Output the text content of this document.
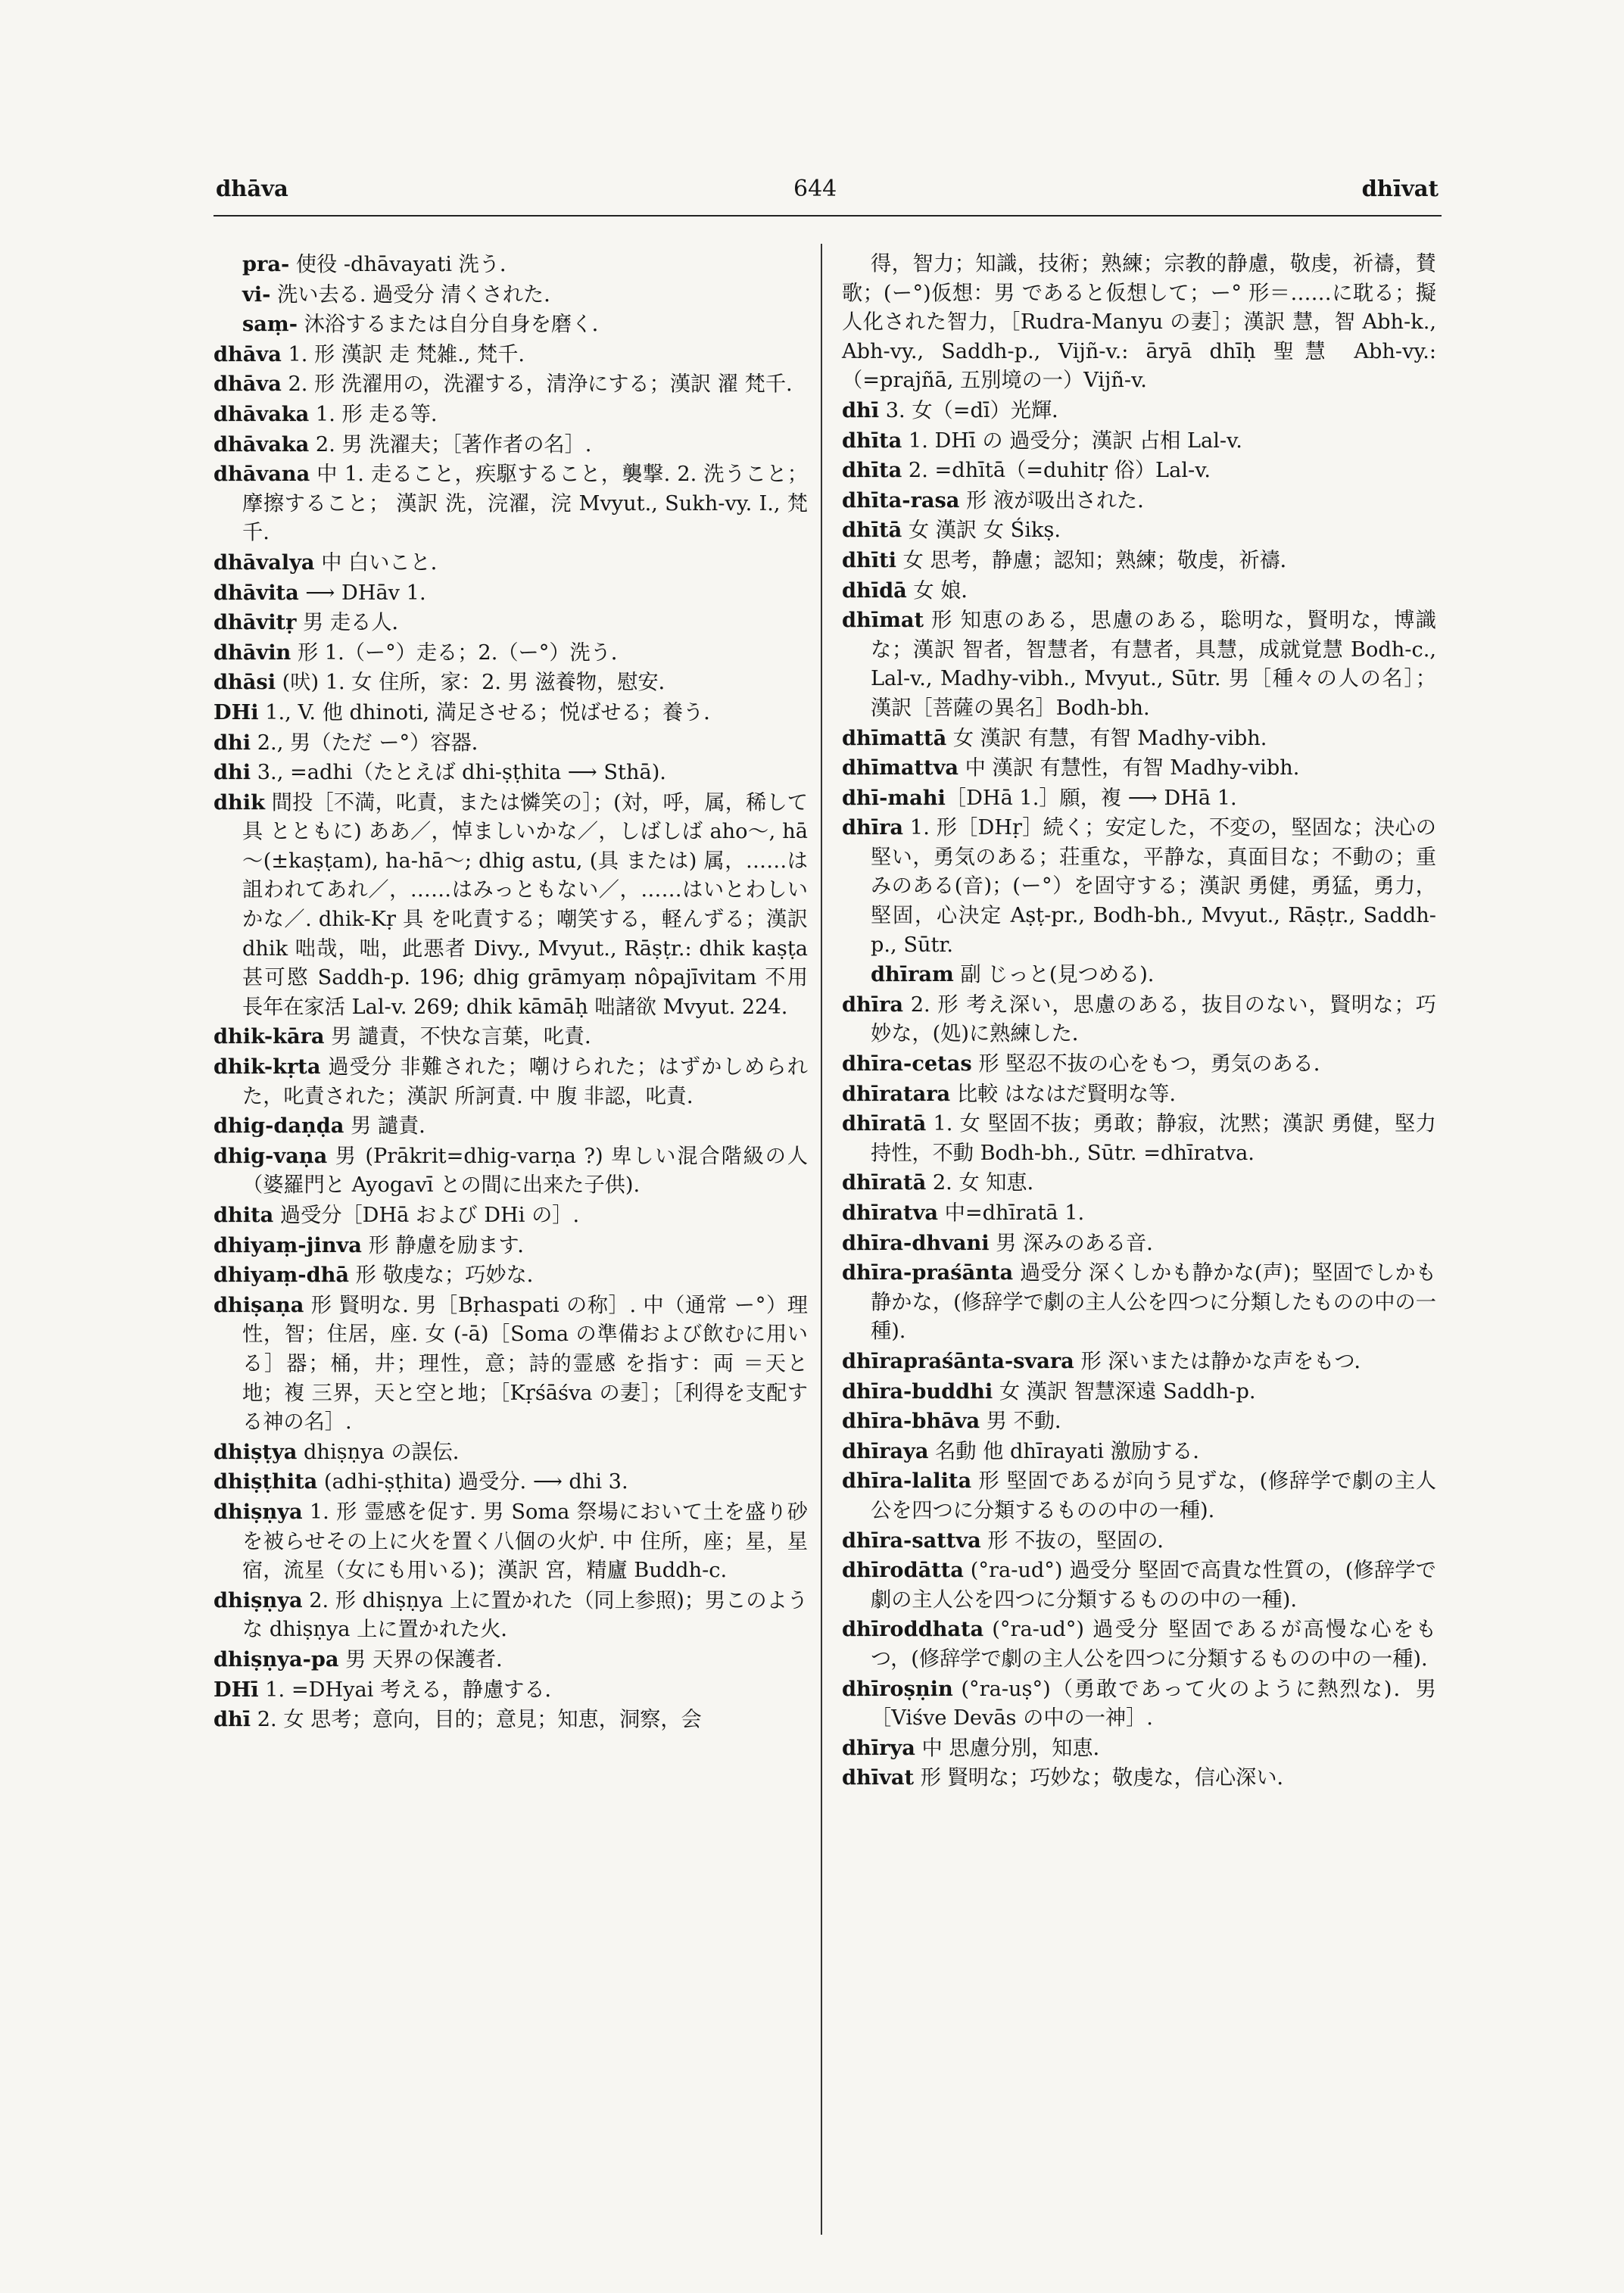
dhāva	644	dhīvat

pra- 使役 -dhāvayati 洗う．

vi- 洗い去る. 過受分 清くされた．

saṃ- 沐浴するまたは自分自身を磨く．

dhāva 1. 形 漢訳 走 梵雑., 梵千.

dhāva 2. 形 洗濯用の，洗濯する，清浄にする；漢訳 濯 梵千.

dhāvaka 1. 形 走る等.

dhāvaka 2. 男 洗濯夫；［著作者の名］.

dhāvana 中 1. 走ること，疾駆すること，襲撃. 2. 洗うこと；摩擦すること； 漢訳 洗，浣濯，浣 Mvyut., Sukh-vy. I., 梵千.

dhāvalya 中 白いこと．

dhāvita ⟶ DHāv 1.

dhāvitṛ 男 走る人．

dhāvin 形 1.（ー°）走る；2.（ー°）洗う．

dhāsi (吠) 1. 女 住所，家：2. 男 滋養物，慰安．

DHi 1., V. 他 dhinoti, 満足させる；悦ばせる；養う．

dhi 2., 男（ただ ー°）容器．

dhi 3., =adhi（たとえば dhi-ṣṭhita ⟶ Sthā).

dhik 間投［不満，叱責，または憐笑の］；(対，呼，属，稀して 具 とともに) ああ／，悼ましいかな／，しばしば aho～, hā～(±kaṣṭam), ha-hā～; dhig astu, (具 または) 属，……は詛われてあれ／，……はみっともない／，……はいとわしいかな／. dhik-Kṛ 具 を叱責する；嘲笑する，軽んずる；漢訳 dhik 咄哉，咄，此悪者 Divy., Mvyut., Rāṣṭr.: dhik kaṣṭa 甚可愍 Saddh-p. 196; dhig grāmyaṃ nôpajīvitam 不用長年在家活 Lal-v. 269; dhik kāmāḥ 咄諸欲 Mvyut. 224.

dhik-kāra 男 譴責，不快な言葉，叱責．

dhik-kṛta 過受分 非難された；嘲けられた；はずかしめられた，叱責された；漢訳 所訶責. 中 腹 非認，叱責．

dhig-daṇḍa 男 譴責．

dhig-vaṇa 男 (Prākrit=dhig-varṇa ?) 卑しい混合階級の人（婆羅門と Ayogavī との間に出来た子供).

dhita 過受分［DHā および DHi の］.

dhiyaṃ-jinva 形 静慮を励ます．

dhiyaṃ-dhā 形 敬虔な；巧妙な．

dhiṣaṇa 形 賢明な. 男［Bṛhaspati の称］. 中（通常 ー°）理性，智；住居，座. 女 (-ā)［Soma の準備および飲むに用いる］器；桶，井；理性，意；詩的霊感 を指す：両 ＝天と地；複 三界，天と空と地；［Kṛśāśva の妻］；［利得を支配する神の名］.

dhiṣṭya dhiṣṇya の誤伝．

dhiṣṭhita (adhi-ṣṭhita) 過受分. ⟶ dhi 3.

dhiṣṇya 1. 形 霊感を促す. 男 Soma 祭場において土を盛り砂を被らせその上に火を置く八個の火炉. 中 住所，座；星，星宿，流星（女にも用いる)；漢訳 宮，精廬 Buddh-c.

dhiṣṇya 2. 形 dhiṣṇya 上に置かれた（同上参照)；男このような dhiṣṇya 上に置かれた火．

dhiṣṇya-pa 男 天界の保護者．

DHī 1. =DHyai 考える，静慮する．

dhī 2. 女 思考；意向，目的；意見；知恵，洞察，会

得，智力；知識，技術；熟練；宗教的静慮，敬虔，祈禱，賛歌；(ー°)仮想：男 であると仮想して；ー° 形＝……に耽る；擬人化された智力，［Rudra-Manyu の妻］；漢訳 慧，智 Abh-k., Abh-vy., Saddh-p., Vijñ-v.: āryā dhīḥ 聖慧 Abh-vy.:（=prajñā, 五別境の一）Vijñ-v.

dhī 3. 女（=dī）光輝．

dhīta 1. DHī の 過受分；漢訳 占相 Lal-v.

dhīta 2. =dhītā（=duhitṛ 俗）Lal-v.

dhīta-rasa 形 液が吸出された．

dhītā 女 漢訳 女 Śikṣ.

dhīti 女 思考，静慮；認知；熟練；敬虔，祈禱．

dhīdā 女 娘．

dhīmat 形 知恵のある，思慮のある，聡明な，賢明な，博識な；漢訳 智者，智慧者，有慧者，具慧，成就覚慧 Bodh-c., Lal-v., Madhy-vibh., Mvyut., Sūtr. 男［種々の人の名］；漢訳［菩薩の異名］Bodh-bh.

dhīmattā 女 漢訳 有慧，有智 Madhy-vibh.

dhīmattva 中 漢訳 有慧性，有智 Madhy-vibh.

dhī-mahi［DHā 1.］願，複 ⟶ DHā 1.

dhīra 1. 形［DHṛ］続く；安定した，不変の，堅固な；決心の堅い，勇気のある；荘重な，平静な，真面目な；不動の；重みのある(音)；(ー°）を固守する；漢訳 勇健，勇猛，勇力，堅固，心決定 Aṣṭ-pr., Bodh-bh., Mvyut., Rāṣṭr., Saddh-p., Sūtr.

dhīram 副 じっと(見つめる).

dhīra 2. 形 考え深い，思慮のある，抜目のない，賢明な；巧妙な，(処)に熟練した．

dhīra-cetas 形 堅忍不抜の心をもつ，勇気のある．

dhīratara 比較 はなはだ賢明な等.

dhīratā 1. 女 堅固不抜；勇敢；静寂，沈黙；漢訳 勇健，堅力持性，不動 Bodh-bh., Sūtr. =dhīratva.

dhīratā 2. 女 知恵．

dhīratva 中=dhīratā 1.

dhīra-dhvani 男 深みのある音．

dhīra-praśānta 過受分 深くしかも静かな(声)；堅固でしかも静かな，(修辞学で劇の主人公を四つに分類したものの中の一種).

dhīrapraśānta-svara 形 深いまたは静かな声をもつ．

dhīra-buddhi 女 漢訳 智慧深遠 Saddh-p.

dhīra-bhāva 男 不動．

dhīraya 名動 他 dhīrayati 激励する．

dhīra-lalita 形 堅固であるが向う見ずな，(修辞学で劇の主人公を四つに分類するものの中の一種).

dhīra-sattva 形 不抜の，堅固の．

dhīrodātta (°ra-ud°) 過受分 堅固で高貴な性質の，(修辞学で劇の主人公を四つに分類するものの中の一種).

dhīroddhata (°ra-ud°) 過受分 堅固であるが高慢な心をもつ，(修辞学で劇の主人公を四つに分類するものの中の一種).

dhīroṣṇin (°ra-uṣ°)（勇敢であって火のように熱烈な)．男［Viśve Devās の中の一神］.

dhīrya 中 思慮分別，知恵．

dhīvat 形 賢明な；巧妙な；敬虔な，信心深い．
